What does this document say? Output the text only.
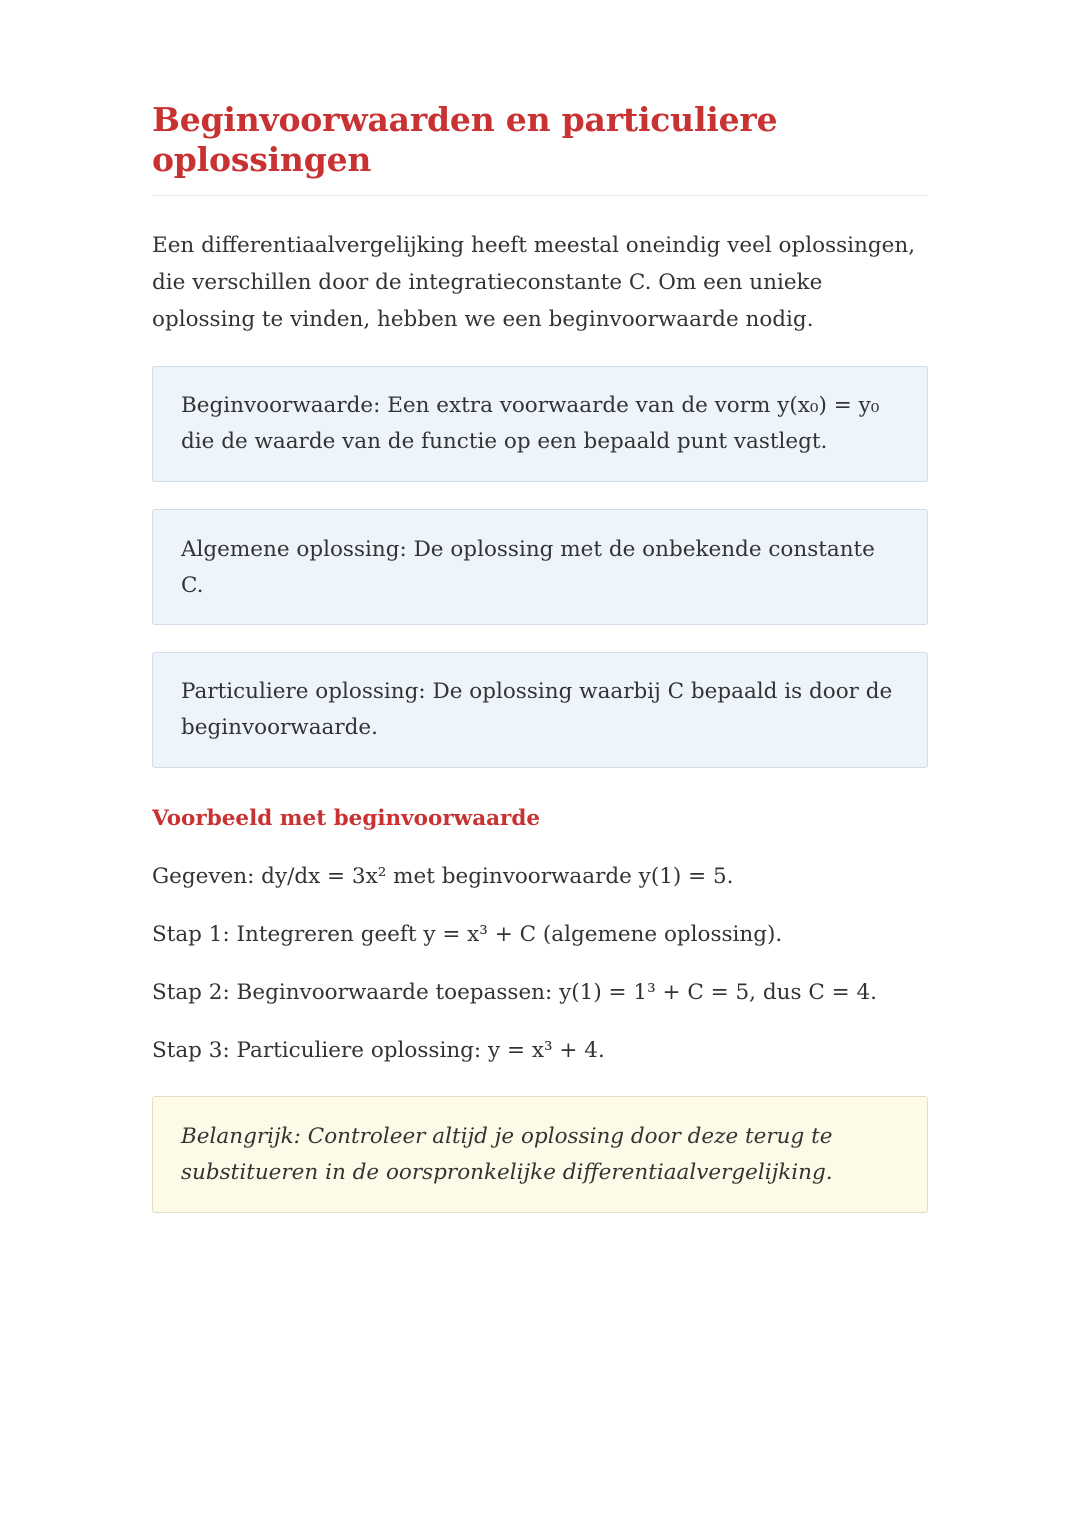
Beginvoorwaarden en particuliere oplossingen

Een differentiaalvergelijking heeft meestal oneindig veel oplossingen, die verschillen door de integratieconstante C. Om een unieke oplossing te vinden, hebben we een beginvoorwaarde nodig.

Beginvoorwaarde: Een extra voorwaarde van de vorm y(x₀) = y₀ die de waarde van de functie op een bepaald punt vastlegt.
Algemene oplossing: De oplossing met de onbekende constante C.
Particuliere oplossing: De oplossing waarbij C bepaald is door de beginvoorwaarde.
Voorbeeld met beginvoorwaarde

Gegeven: dy/dx = 3x² met beginvoorwaarde y(1) = 5.

Stap 1: Integreren geeft y = x³ + C (algemene oplossing).

Stap 2: Beginvoorwaarde toepassen: y(1) = 1³ + C = 5, dus C = 4.

Stap 3: Particuliere oplossing: y = x³ + 4.

Belangrijk: Controleer altijd je oplossing door deze terug te substitueren in de oorspronkelijke differentiaalvergelijking.
